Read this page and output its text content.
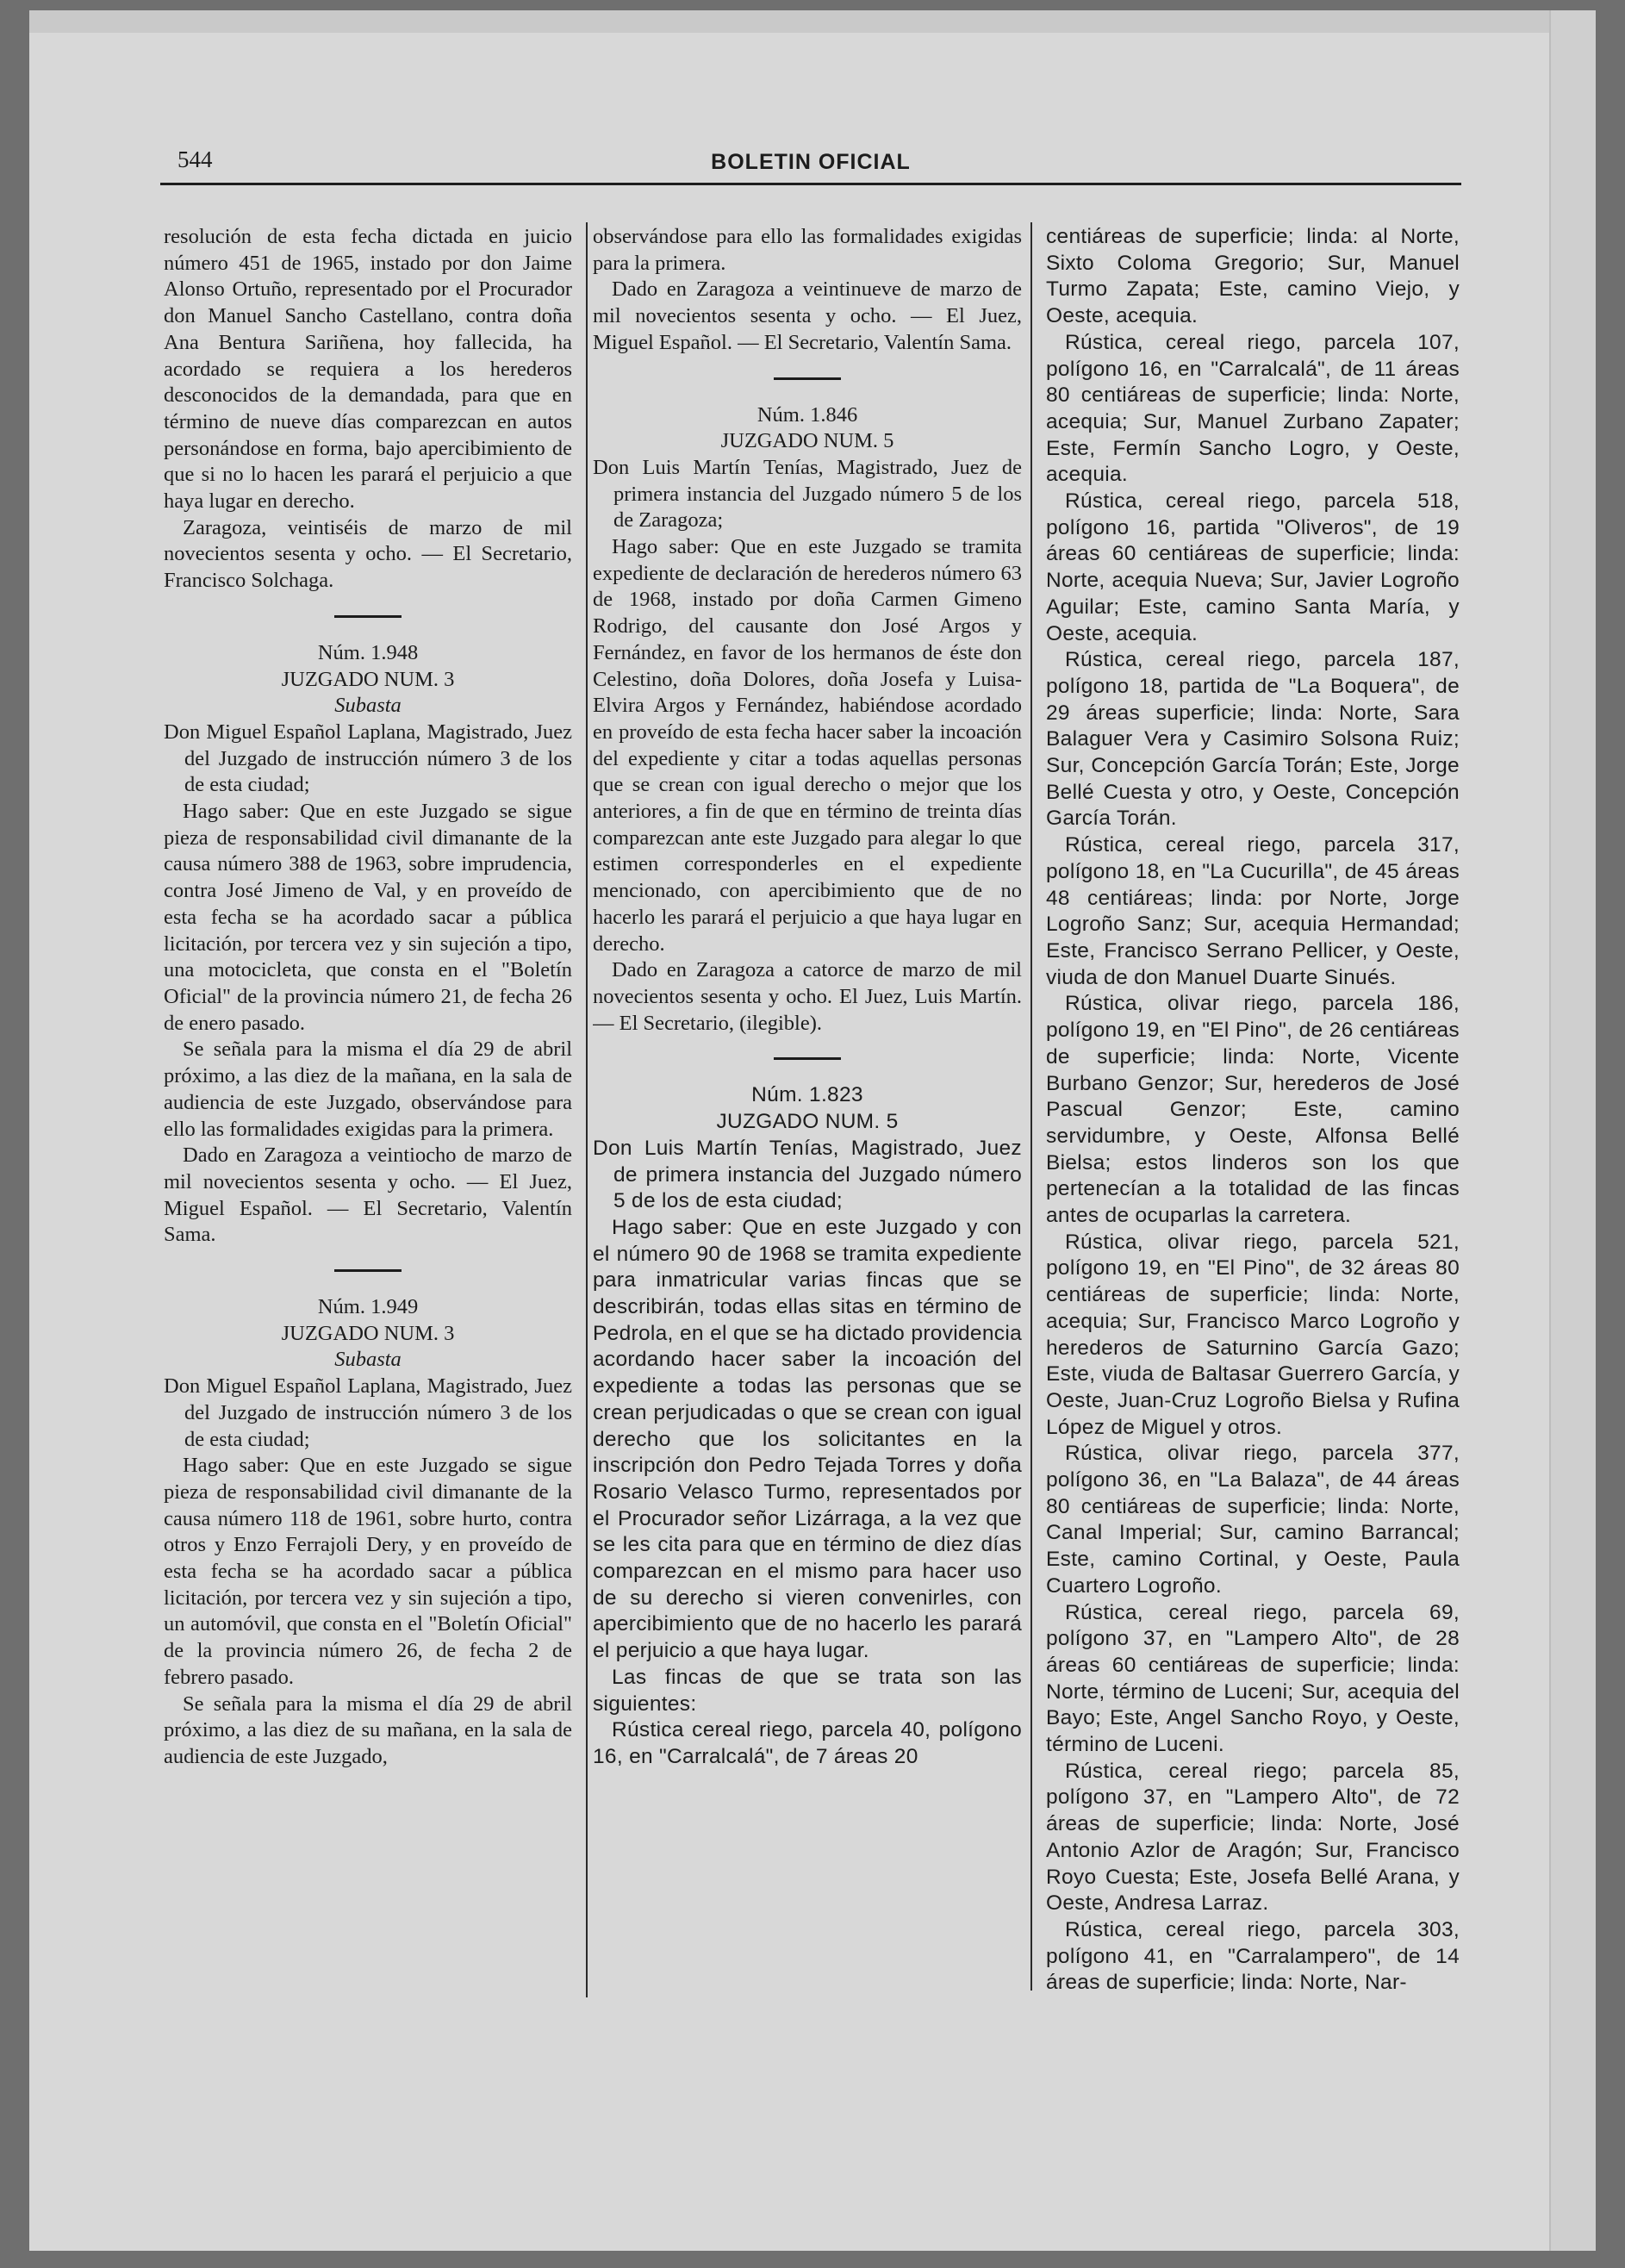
544	BOLETIN OFICIAL

resolución de esta fecha dictada en juicio número 451 de 1965, instado por don Jaime Alonso Ortuño, representado por el Procurador don Manuel Sancho Castellano, contra doña Ana Bentura Sariñena, hoy fallecida, ha acordado se requiera a los herederos desconocidos de la demandada, para que en término de nueve días comparezcan en autos personándose en forma, bajo apercibimiento de que si no lo hacen les parará el perjuicio a que haya lugar en derecho.

Zaragoza, veintiséis de marzo de mil novecientos sesenta y ocho. — El Secretario, Francisco Solchaga.

Núm. 1.948

JUZGADO NUM. 3

Subasta

Don Miguel Español Laplana, Magistrado, Juez del Juzgado de instrucción número 3 de los de esta ciudad;

Hago saber: Que en este Juzgado se sigue pieza de responsabilidad civil dimanante de la causa número 388 de 1963, sobre imprudencia, contra José Jimeno de Val, y en proveído de esta fecha se ha acordado sacar a pública licitación, por tercera vez y sin sujeción a tipo, una motocicleta, que consta en el "Boletín Oficial" de la provincia número 21, de fecha 26 de enero pasado.

Se señala para la misma el día 29 de abril próximo, a las diez de la mañana, en la sala de audiencia de este Juzgado, observándose para ello las formalidades exigidas para la primera.

Dado en Zaragoza a veintiocho de marzo de mil novecientos sesenta y ocho. — El Juez, Miguel Español. — El Secretario, Valentín Sama.

Núm. 1.949

JUZGADO NUM. 3

Subasta

Don Miguel Español Laplana, Magistrado, Juez del Juzgado de instrucción número 3 de los de esta ciudad;

Hago saber: Que en este Juzgado se sigue pieza de responsabilidad civil dimanante de la causa número 118 de 1961, sobre hurto, contra otros y Enzo Ferrajoli Dery, y en proveído de esta fecha se ha acordado sacar a pública licitación, por tercera vez y sin sujeción a tipo, un automóvil, que consta en el "Boletín Oficial" de la provincia número 26, de fecha 2 de febrero pasado.

Se señala para la misma el día 29 de abril próximo, a las diez de su mañana, en la sala de audiencia de este Juzgado,

observándose para ello las formalidades exigidas para la primera.

Dado en Zaragoza a veintinueve de marzo de mil novecientos sesenta y ocho. — El Juez, Miguel Español. — El Secretario, Valentín Sama.

Núm. 1.846

JUZGADO NUM. 5

Don Luis Martín Tenías, Magistrado, Juez de primera instancia del Juzgado número 5 de los de Zaragoza;

Hago saber: Que en este Juzgado se tramita expediente de declaración de herederos número 63 de 1968, instado por doña Carmen Gimeno Rodrigo, del causante don José Argos y Fernández, en favor de los hermanos de éste don Celestino, doña Dolores, doña Josefa y Luisa-Elvira Argos y Fernández, habiéndose acordado en proveído de esta fecha hacer saber la incoación del expediente y citar a todas aquellas personas que se crean con igual derecho o mejor que los anteriores, a fin de que en término de treinta días comparezcan ante este Juzgado para alegar lo que estimen corresponderles en el expediente mencionado, con apercibimiento que de no hacerlo les parará el perjuicio a que haya lugar en derecho.

Dado en Zaragoza a catorce de marzo de mil novecientos sesenta y ocho. El Juez, Luis Martín. — El Secretario, (ilegible).

Núm. 1.823

JUZGADO NUM. 5

Don Luis Martín Tenías, Magistrado, Juez de primera instancia del Juzgado número 5 de los de esta ciudad;

Hago saber: Que en este Juzgado y con el número 90 de 1968 se tramita expediente para inmatricular varias fincas que se describirán, todas ellas sitas en término de Pedrola, en el que se ha dictado providencia acordando hacer saber la incoación del expediente a todas las personas que se crean perjudicadas o que se crean con igual derecho que los solicitantes en la inscripción don Pedro Tejada Torres y doña Rosario Velasco Turmo, representados por el Procurador señor Lizárraga, a la vez que se les cita para que en término de diez días comparezcan en el mismo para hacer uso de su derecho si vieren convenirles, con apercibimiento que de no hacerlo les parará el perjuicio a que haya lugar.

Las fincas de que se trata son las siguientes:

Rústica cereal riego, parcela 40, polígono 16, en "Carralcalá", de 7 áreas 20

centiáreas de superficie; linda: al Norte, Sixto Coloma Gregorio; Sur, Manuel Turmo Zapata; Este, camino Viejo, y Oeste, acequia.

Rústica, cereal riego, parcela 107, polígono 16, en "Carralcalá", de 11 áreas 80 centiáreas de superficie; linda: Norte, acequia; Sur, Manuel Zurbano Zapater; Este, Fermín Sancho Logro, y Oeste, acequia.

Rústica, cereal riego, parcela 518, polígono 16, partida "Oliveros", de 19 áreas 60 centiáreas de superficie; linda: Norte, acequia Nueva; Sur, Javier Logroño Aguilar; Este, camino Santa María, y Oeste, acequia.

Rústica, cereal riego, parcela 187, polígono 18, partida de "La Boquera", de 29 áreas superficie; linda: Norte, Sara Balaguer Vera y Casimiro Solsona Ruiz; Sur, Concepción García Torán; Este, Jorge Bellé Cuesta y otro, y Oeste, Concepción García Torán.

Rústica, cereal riego, parcela 317, polígono 18, en "La Cucurilla", de 45 áreas 48 centiáreas; linda: por Norte, Jorge Logroño Sanz; Sur, acequia Hermandad; Este, Francisco Serrano Pellicer, y Oeste, viuda de don Manuel Duarte Sinués.

Rústica, olivar riego, parcela 186, polígono 19, en "El Pino", de 26 centiáreas de superficie; linda: Norte, Vicente Burbano Genzor; Sur, herederos de José Pascual Genzor; Este, camino servidumbre, y Oeste, Alfonsa Bellé Bielsa; estos linderos son los que pertenecían a la totalidad de las fincas antes de ocuparlas la carretera.

Rústica, olivar riego, parcela 521, polígono 19, en "El Pino", de 32 áreas 80 centiáreas de superficie; linda: Norte, acequia; Sur, Francisco Marco Logroño y herederos de Saturnino García Gazo; Este, viuda de Baltasar Guerrero García, y Oeste, Juan-Cruz Logroño Bielsa y Rufina López de Miguel y otros.

Rústica, olivar riego, parcela 377, polígono 36, en "La Balaza", de 44 áreas 80 centiáreas de superficie; linda: Norte, Canal Imperial; Sur, camino Barrancal; Este, camino Cortinal, y Oeste, Paula Cuartero Logroño.

Rústica, cereal riego, parcela 69, polígono 37, en "Lampero Alto", de 28 áreas 60 centiáreas de superficie; linda: Norte, término de Luceni; Sur, acequia del Bayo; Este, Angel Sancho Royo, y Oeste, término de Luceni.

Rústica, cereal riego; parcela 85, polígono 37, en "Lampero Alto", de 72 áreas de superficie; linda: Norte, José Antonio Azlor de Aragón; Sur, Francisco Royo Cuesta; Este, Josefa Bellé Arana, y Oeste, Andresa Larraz.

Rústica, cereal riego, parcela 303, polígono 41, en "Carralampero", de 14 áreas de superficie; linda: Norte, Nar-
